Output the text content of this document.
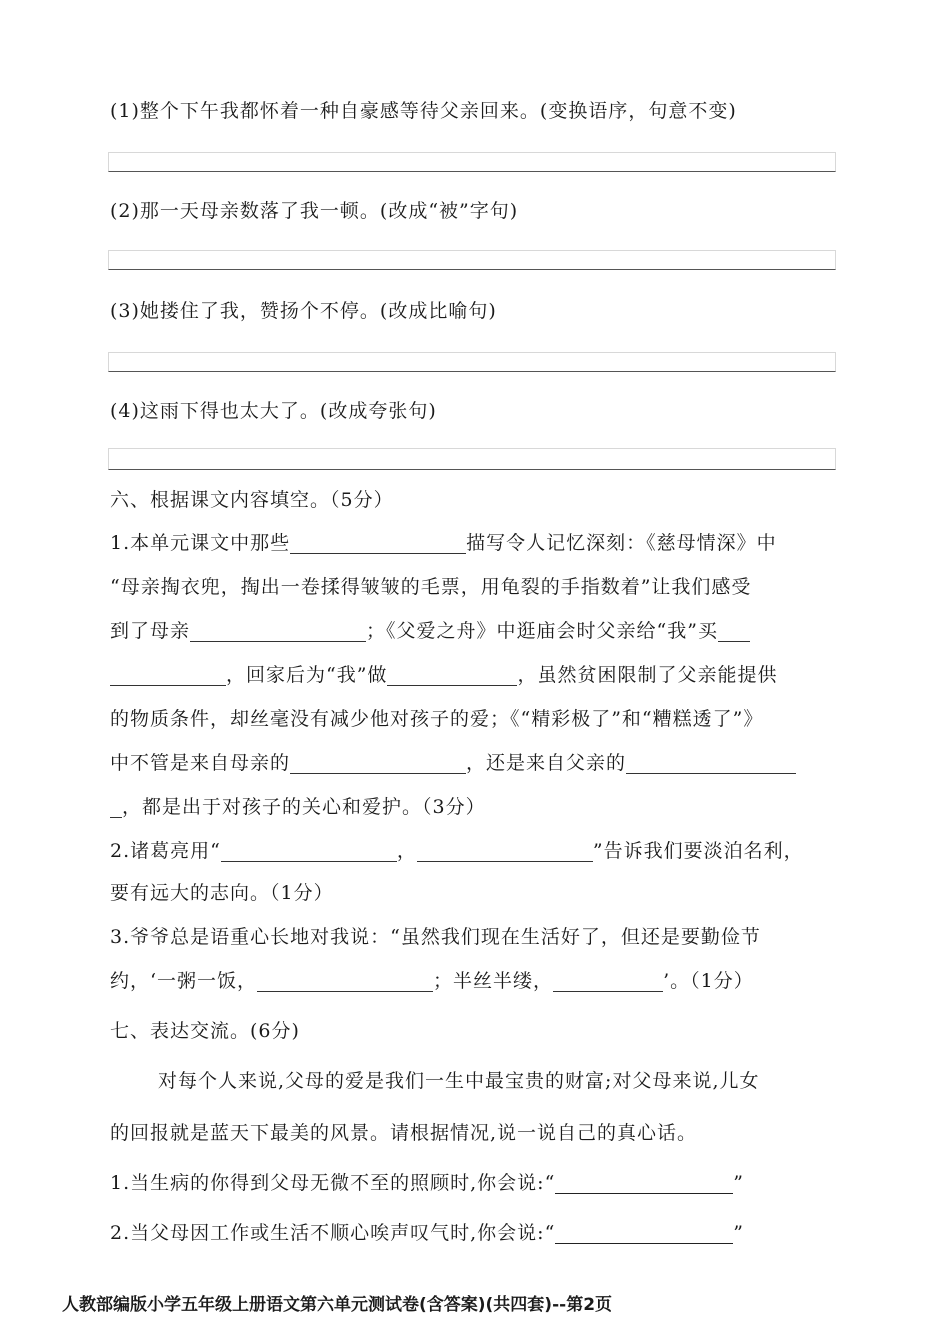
(1)整个下午我都怀着一种自豪感等待父亲回来。(变换语序，句意不变)
(2)那一天母亲数落了我一顿。(改成“被”字句)
(3)她搂住了我，赞扬个不停。(改成比喻句)
(4)这雨下得也太大了。(改成夸张句)
六、根据课文内容填空。（5分）
1.本单元课文中那些	描写令人记忆深刻：《慈母情深》中
“母亲掏衣兜，掏出一卷揉得皱皱的毛票，用龟裂的手指数着”让我们感受
到了母亲	；《父爱之舟》中逛庙会时父亲给“我”买
，回家后为“我”做	，虽然贫困限制了父亲能提供
的物质条件，却丝毫没有减少他对孩子的爱；《“精彩极了”和“糟糕透了”》
中不管是来自母亲的	，还是来自父亲的
，都是出于对孩子的关心和爱护。（3分）
2.诸葛亮用“	，	”告诉我们要淡泊名利，
要有远大的志向。（1分）
3.爷爷总是语重心长地对我说：“虽然我们现在生活好了，但还是要勤俭节
约，‘一粥一饭，	；半丝半缕，	’。（1分）
七、表达交流。(6分)
对每个人来说,父母的爱是我们一生中最宝贵的财富;对父母来说,儿女
的回报就是蓝天下最美的风景。请根据情况,说一说自己的真心话。
1.当生病的你得到父母无微不至的照顾时,你会说:“	”
2.当父母因工作或生活不顺心唉声叹气时,你会说:“	”
人教部编版小学五年级上册语文第六单元测试卷(含答案)(共四套)--第2页
